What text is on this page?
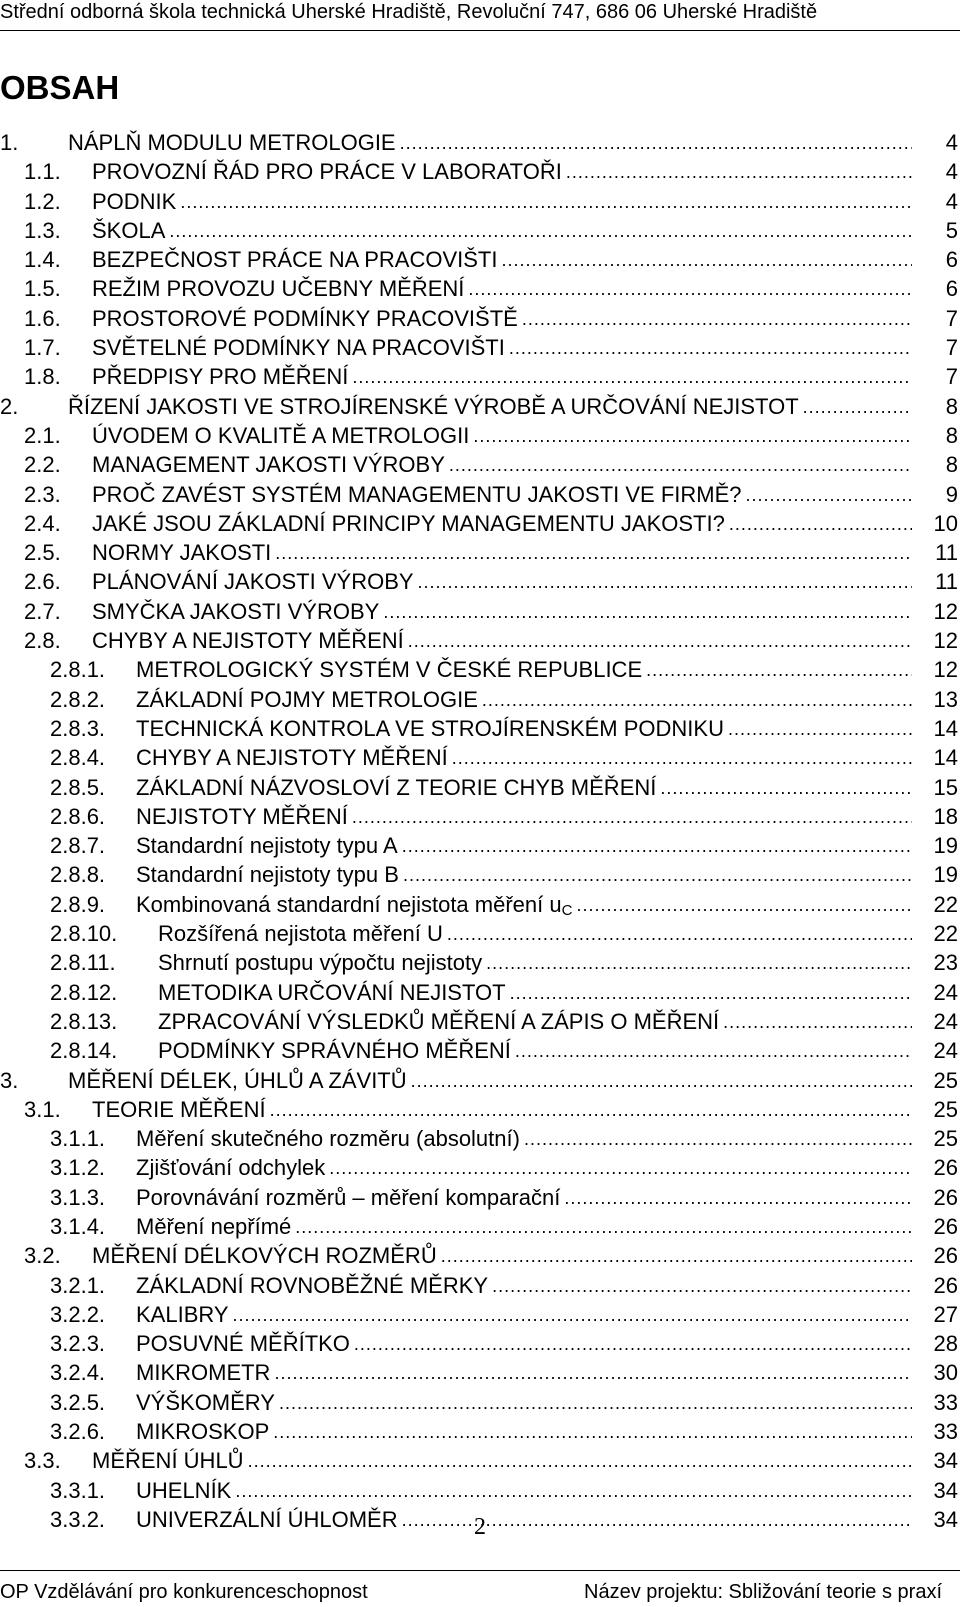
Střední odborná škola technická Uherské Hradiště, Revoluční 747, 686 06 Uherské Hradiště
OBSAH
1.	NÁPLŇ MODULU METROLOGIE .....	4
1.1.	PROVOZNÍ ŘÁD PRO PRÁCE V LABORATOŘI .....	4
1.2.	PODNIK .....	4
1.3.	ŠKOLA .....	5
1.4.	BEZPEČNOST PRÁCE NA PRACOVIŠTI .....	6
1.5.	REŽIM PROVOZU UČEBNY MĚŘENÍ .....	6
1.6.	PROSTOROVÉ PODMÍNKY PRACOVIŠTĚ .....	7
1.7.	SVĚTELNÉ PODMÍNKY NA PRACOVIŠTI .....	7
1.8.	PŘEDPISY PRO MĚŘENÍ .....	7
2.	ŘÍZENÍ JAKOSTI VE STROJÍRENSKÉ VÝROBĚ A URČOVÁNÍ NEJISTOT .....	8
2.1.	ÚVODEM O KVALITĚ A METROLOGII .....	8
2.2.	MANAGEMENT JAKOSTI VÝROBY .....	8
2.3.	PROČ ZAVÉST SYSTÉM MANAGEMENTU JAKOSTI VE FIRMĚ? .....	9
2.4.	JAKÉ JSOU ZÁKLADNÍ PRINCIPY MANAGEMENTU JAKOSTI? .....	10
2.5.	NORMY JAKOSTI .....	11
2.6.	PLÁNOVÁNÍ JAKOSTI VÝROBY .....	11
2.7.	SMYČKA JAKOSTI VÝROBY .....	12
2.8.	CHYBY A NEJISTOTY MĚŘENÍ .....	12
2.8.1.	METROLOGICKÝ SYSTÉM V ČESKÉ REPUBLICE .....	12
2.8.2.	ZÁKLADNÍ POJMY METROLOGIE .....	13
2.8.3.	TECHNICKÁ KONTROLA VE STROJÍRENSKÉM PODNIKU .....	14
2.8.4.	CHYBY A NEJISTOTY MĚŘENÍ .....	14
2.8.5.	ZÁKLADNÍ NÁZVOSLOVÍ Z TEORIE CHYB MĚŘENÍ .....	15
2.8.6.	NEJISTOTY MĚŘENÍ .....	18
2.8.7.	Standardní nejistoty typu A .....	19
2.8.8.	Standardní nejistoty typu B .....	19
2.8.9.	Kombinovaná standardní nejistota měření $u_C$ .....	22
2.8.10.	Rozšířená nejistota měření U .....	22
2.8.11.	Shrnutí postupu výpočtu nejistoty .....	23
2.8.12.	METODIKA URČOVÁNÍ NEJISTOT .....	24
2.8.13.	ZPRACOVÁNÍ VÝSLEDKŮ MĚŘENÍ A ZÁPIS O MĚŘENÍ .....	24
2.8.14.	PODMÍNKY SPRÁVNÉHO MĚŘENÍ .....	24
3.	MĚŘENÍ DÉLEK, ÚHLŮ A ZÁVITŮ .....	25
3.1.	TEORIE MĚŘENÍ .....	25
3.1.1.	Měření skutečného rozměru (absolutní) .....	25
3.1.2.	Zjišťování odchylek .....	26
3.1.3.	Porovnávání rozměrů – měření komparační .....	26
3.1.4.	Měření nepřímé .....	26
3.2.	MĚŘENÍ DÉLKOVÝCH ROZMĚRŮ .....	26
3.2.1.	ZÁKLADNÍ ROVNOBĚŽNÉ MĚRKY .....	26
3.2.2.	KALIBRY .....	27
3.2.3.	POSUVNÉ MĚŘÍTKO .....	28
3.2.4.	MIKROMETR .....	30
3.2.5.	VÝŠKOMĚRY .....	33
3.2.6.	MIKROSKOP .....	33
3.3.	MĚŘENÍ ÚHLŮ .....	34
3.3.1.	UHELNÍK .....	34
3.3.2.	UNIVERZÁLNÍ ÚHLOMĚR .....	34
2
OP Vzdělávání pro konkurenceschopnost	Název projektu: Sbližování teorie s praxí
